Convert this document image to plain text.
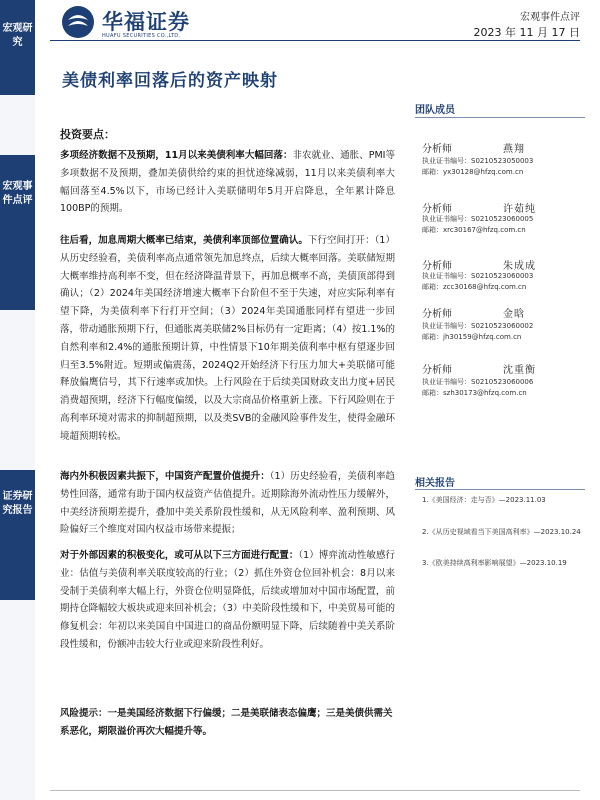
宏观研究
宏观事件点评
证券研究报告
华福证券
HUAFU SECURITIES CO.,LTD.
宏观事件点评
2023 年 11 月 17 日
美债利率回落后的资产映射
投资要点：
多项经济数据不及预期，11月以来美债利率大幅回落：非农就业、通胀、PMI等多项数据不及预期，叠加美债供给约束的担忧迹缘减弱，11月以来美债利率大幅回落至4.5%以下，市场已经计入美联储明年5月开启降息，全年累计降息100BP的预期。
往后看，加息周期大概率已结束，美债利率顶部位置确认。下行空间打开：（1）从历史经验看，美债利率高点通常领先加息终点，后续大概率回落。美联储短期大概率维持高利率不变，但在经济降温背景下，再加息概率不高，美债顶部得到确认；（2）2024年美国经济增速大概率下台阶但不至于失速，对应实际利率有望下降，为美债利率下行打开空间；（3）2024年美国通胀同样有望进一步回落，带动通胀预期下行，但通胀离美联储2%目标仍有一定距离；（4）按1.1%的自然利率和2.4%的通胀预期计算，中性情景下10年期美债利率中枢有望逐步回归至3.5%附近。短期或偏震荡，2024Q2开始经济下行压力加大+美联储可能释放偏鹰信号，其下行速率或加快。上行风险在于后续美国财政支出力度+居民消费超预期，经济下行幅度偏缓，以及大宗商品价格重新上涨。下行风险则在于高利率环境对需求的抑制超预期，以及类SVB的金融风险事件发生，使得金融环境超预期转松。
海内外积极因素共振下，中国资产配置价值提升：（1）历史经验看，美债利率趋势性回落，通常有助于国内权益资产估值提升。近期除海外流动性压力缓解外，中美经济预期差提升，叠加中美关系阶段性缓和，从无风险利率、盈利预期、风险偏好三个维度对国内权益市场带来提振；
对于外部因素的积极变化，或可从以下三方面进行配置：（1）博弈流动性敏感行业：估值与美债利率关联度较高的行业；（2）抓住外资仓位回补机会：8月以来受制于美债利率大幅上行，外资仓位明显降低，后续或增加对中国市场配置，前期持仓降幅较大板块或迎来回补机会；（3）中美阶段性缓和下，中美贸易可能的修复机会：年初以来美国自中国进口的商品份额明显下降，后续随着中美关系阶段性缓和，份额冲击较大行业或迎来阶段性利好。
风险提示：一是美国经济数据下行偏缓；二是美联储表态偏鹰；三是美债供需关系恶化，期限溢价再次大幅提升等。
团队成员
分析师	燕翔
执业证书编号：S0210523050003
邮箱：yx30128@hfzq.com.cn
分析师	许茹纯
执业证书编号：S0210523060005
邮箱：xrc30167@hfzq.com.cn
分析师	朱成成
执业证书编号：S0210523060003
邮箱：zcc30168@hfzq.com.cn
分析师	金晗
执业证书编号：S0210523060002
邮箱：jh30159@hfzq.com.cn
分析师	沈重衡
执业证书编号：S0210523060006
邮箱：szh30173@hfzq.com.cn
相关报告
1.《美国经济：走与否》—2023.11.03
2.《从历史视域看当下美国高利率》—2023.10.24
3.《欧美持续高利率影响展望》—2023.10.19
